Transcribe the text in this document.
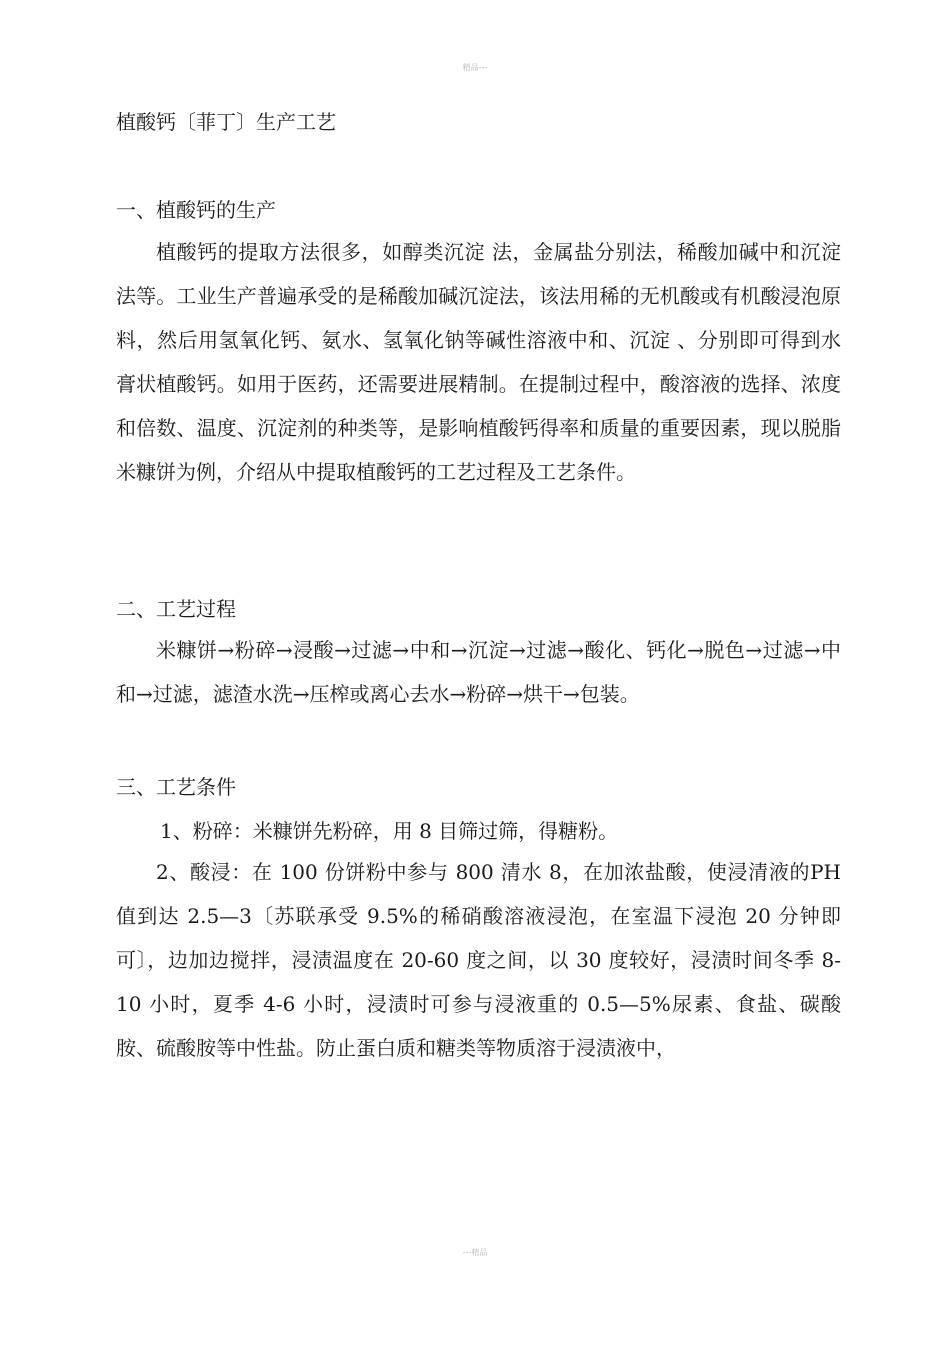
精品---
植酸钙〔菲丁〕生产工艺
一、植酸钙的生产

植酸钙的提取方法很多，如醇类沉淀 法，金属盐分别法，稀酸加碱中和沉淀法等。工业生产普遍承受的是稀酸加碱沉淀法，该法用稀的无机酸或有机酸浸泡原料，然后用氢氧化钙、氨水、氢氧化钠等碱性溶液中和、沉淀 、分别即可得到水膏状植酸钙。如用于医药，还需要进展精制。在提制过程中，酸溶液的选择、浓度和倍数、温度、沉淀剂的种类等，是影响植酸钙得率和质量的重要因素，现以脱脂米糠饼为例，介绍从中提取植酸钙的工艺过程及工艺条件。

二、工艺过程

米糠饼→粉碎→浸酸→过滤→中和→沉淀→过滤→酸化、钙化→脱色→过滤→中和→过滤，滤渣水洗→压榨或离心去水→粉碎→烘干→包装。

三、工艺条件
1、粉碎：米糠饼先粉碎，用 8 目筛过筛，得糖粉。

2、酸浸：在 100 份饼粉中参与 800 清水 8，在加浓盐酸，使浸清液的PH 值到达 2.5—3〔苏联承受 9.5%的稀硝酸溶液浸泡，在室温下浸泡 20 分钟即可〕，边加边搅拌，浸渍温度在 20-60 度之间，以 30 度较好，浸渍时间冬季 8-10 小时，夏季 4-6 小时，浸渍时可参与浸液重的 0.5—5%尿素、食盐、碳酸胺、硫酸胺等中性盐。防止蛋白质和糖类等物质溶于浸渍液中，

---精品
